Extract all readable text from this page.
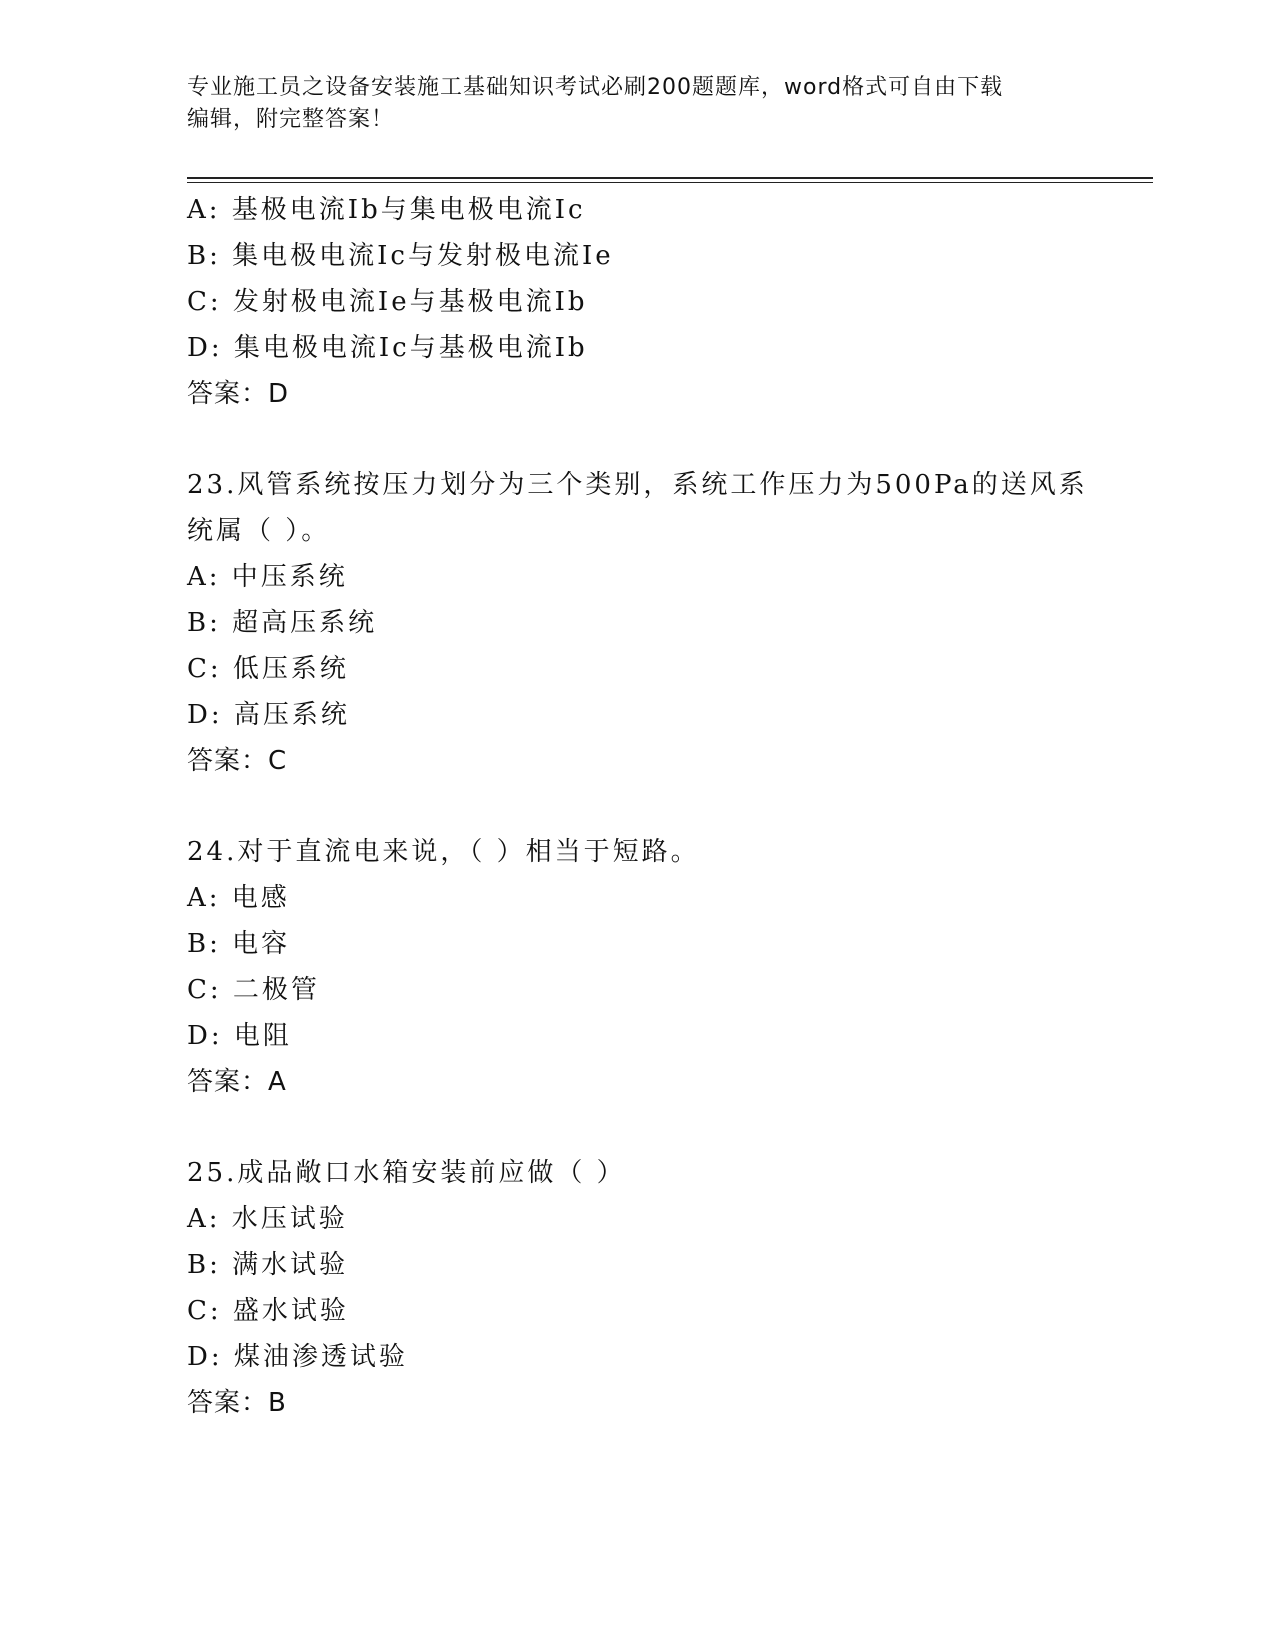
专业施工员之设备安装施工基础知识考试必刷200题题库，word格式可自由下载
编辑，附完整答案！
A: 基极电流Ib与集电极电流Ic
B: 集电极电流Ic与发射极电流Ie
C: 发射极电流Ie与基极电流Ib
D: 集电极电流Ic与基极电流Ib
答案：D
23.风管系统按压力划分为三个类别，系统工作压力为500Pa的送风系
统属（ ）。
A: 中压系统
B: 超高压系统
C: 低压系统
D: 高压系统
答案：C
24.对于直流电来说，（ ）相当于短路。
A: 电感
B: 电容
C: 二极管
D: 电阻
答案：A
25.成品敞口水箱安装前应做（ ）
A: 水压试验
B: 满水试验
C: 盛水试验
D: 煤油渗透试验
答案：B
